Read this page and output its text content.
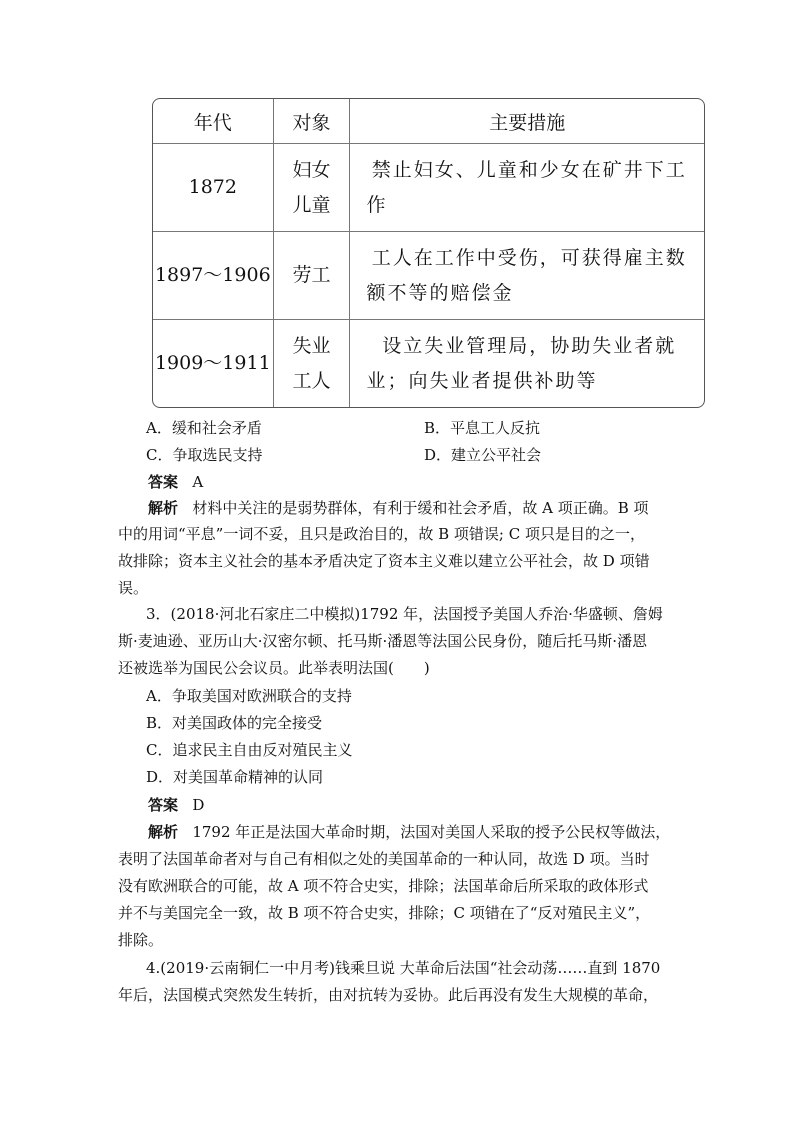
年代	对象	主要措施
1872	妇女儿童	禁止妇女、儿童和少女在矿井下工作
1897～1906	劳工	工人在工作中受伤，可获得雇主数额不等的赔偿金
1909～1911	失业工人	设立失业管理局，协助失业者就业；向失业者提供补助等
A．缓和社会矛盾	B．平息工人反抗
C．争取选民支持	D．建立公平社会
答案 A
解析 材料中关注的是弱势群体，有利于缓和社会矛盾，故 A 项正确。B 项
中的用词“平息”一词不妥，且只是政治目的，故 B 项错误; C 项只是目的之一，
故排除；资本主义社会的基本矛盾决定了资本主义难以建立公平社会，故 D 项错
误。
3．(2018·河北石家庄二中模拟)1792 年，法国授予美国人乔治·华盛顿、詹姆
斯·麦迪逊、亚历山大·汉密尔顿、托马斯·潘恩等法国公民身份，随后托马斯·潘恩
还被选举为国民公会议员。此举表明法国(　　)
A．争取美国对欧洲联合的支持
B．对美国政体的完全接受
C．追求民主自由反对殖民主义
D．对美国革命精神的认同
答案 D
解析 1792 年正是法国大革命时期，法国对美国人采取的授予公民权等做法，
表明了法国革命者对与自己有相似之处的美国革命的一种认同，故选 D 项。当时
没有欧洲联合的可能，故 A 项不符合史实，排除；法国革命后所采取的政体形式
并不与美国完全一致，故 B 项不符合史实，排除；C 项错在了“反对殖民主义”，
排除。
4.(2019·云南铜仁一中月考)钱乘旦说 大革命后法国“社会动荡……直到 1870
年后，法国模式突然发生转折，由对抗转为妥协。此后再没有发生大规模的革命，
